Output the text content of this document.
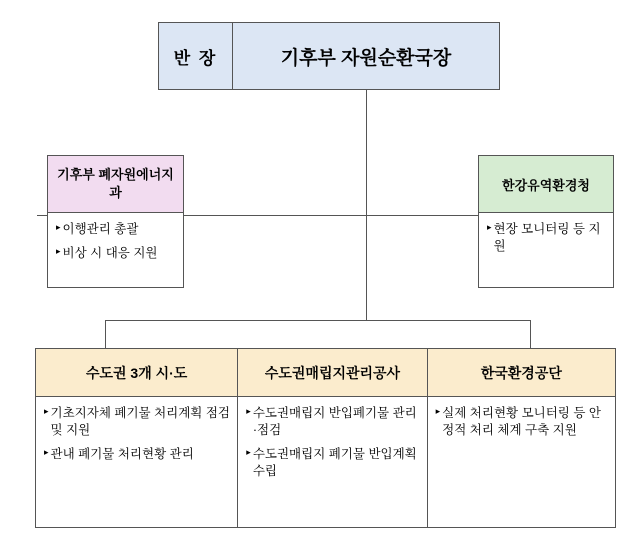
반 장	기후부 자원순환국장
기후부 폐자원에너지과
▸ 이행관리 총괄
▸ 비상 시 대응 지원
한강유역환경청
▸ 현장 모니터링 등 지원
수도권 3개 시·도
▸ 기초지자체 폐기물 처리계획 점검 및 지원
▸ 관내 폐기물 처리현황 관리
수도권매립지관리공사
▸ 수도권매립지 반입폐기물 관리·점검
▸ 수도권매립지 폐기물 반입계획 수립
한국환경공단
▸ 실제 처리현황 모니터링 등 안정적 처리 체계 구축 지원
